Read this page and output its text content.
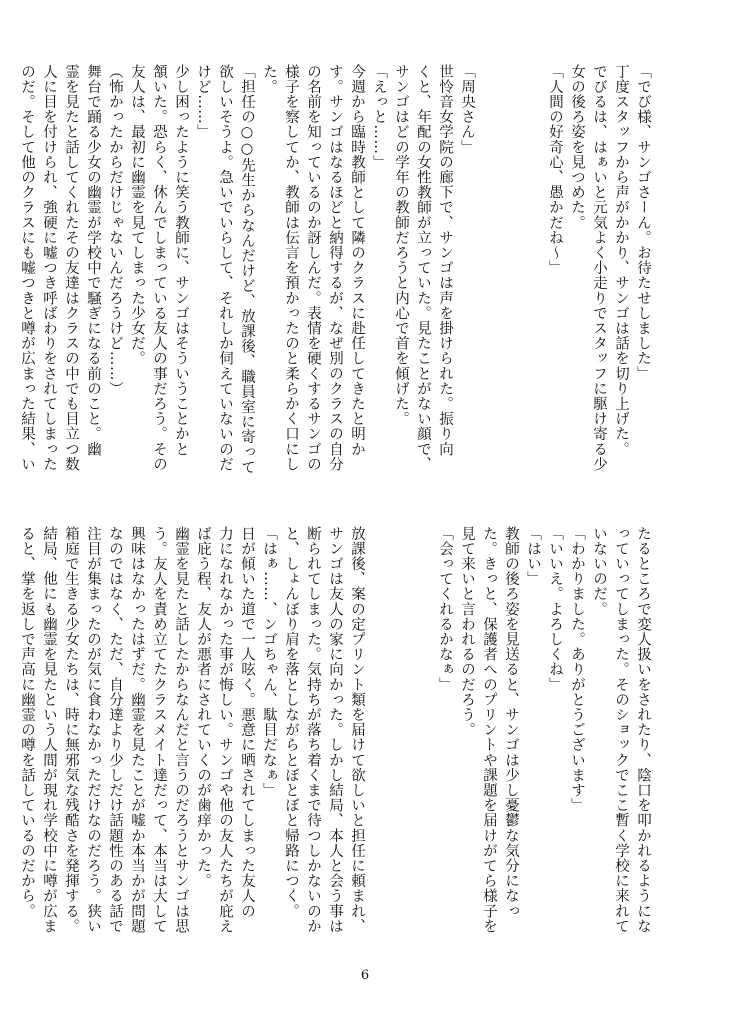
「でび様、サンゴさーん。お待たせしました」

丁度スタッフから声がかかり、サンゴは話を切り上げた。

でびるは、はぁいと元気よく小走りでスタッフに駆け寄る少

女の後ろ姿を見つめた。

「人間の好奇心、愚かだね～」

「周央さん」

世怜音女学院の廊下で、サンゴは声を掛けられた。振り向

くと、年配の女性教師が立っていた。見たことがない顔で、

サンゴはどの学年の教師だろうと内心で首を傾げた。

「えっと……」

今週から臨時教師として隣のクラスに赴任してきたと明か

す。サンゴはなるほどと納得するが、なぜ別のクラスの自分

の名前を知っているのか訝しんだ。表情を硬くするサンゴの

様子を察してか、教師は伝言を預かったのと柔らかく口にし

た。

「担任の○○先生からなんだけど、放課後、職員室に寄って

欲しいそうよ。急いでいらして、それしか伺えていないのだ

けど……」

少し困ったように笑う教師に、サンゴはそういうことかと

頷いた。恐らく、休んでしまっている友人の事だろう。その

友人は、最初に幽霊を見てしまった少女だ。

（怖かったからだけじゃないんだろうけど……）

舞台で踊る少女の幽霊が学校中で騒ぎになる前のこと。幽

霊を見たと話してくれたその友達はクラスの中でも目立つ数

人に目を付けられ、強硬に嘘つき呼ばわりをされてしまった

のだ。そして他のクラスにも嘘つきと噂が広まった結果、い

たるところで変人扱いをされたり、陰口を叩かれるようにな

っていってしまった。そのショックでここ暫く学校に来れて

いないのだ。

「わかりました。ありがとうございます」

「いいえ。よろしくね」

「はい」

教師の後ろ姿を見送ると、サンゴは少し憂鬱な気分になっ

た。きっと、保護者へのプリントや課題を届けがてら様子を

見て来いと言われるのだろう。

「会ってくれるかなぁ」

放課後、案の定プリント類を届けて欲しいと担任に頼まれ、

サンゴは友人の家に向かった。しかし結局、本人と会う事は

断られてしまった。気持ちが落ち着くまで待つしかないのか

と、しょんぼり肩を落としながらとぼとぼと帰路につく。

「はぁ……、ンゴちゃん、駄目だなぁ」

日が傾いた道で一人呟く。悪意に晒されてしまった友人の

力になれなかった事が悔しい。サンゴや他の友人たちが庇え

ば庇う程、友人が悪者にされていくのが歯痒かった。

幽霊を見たと話したからなんだと言うのだろうとサンゴは思

う。友人を責め立てたクラスメイト達だって、本当は大して

興味はなかったはずだ。幽霊を見たことが嘘か本当かが問題

なのではなく、ただ、自分達より少しだけ話題性のある話で

注目が集まったのが気に食わなかっただけなのだろう。狭い

箱庭で生きる少女たちは、時に無邪気な残酷さを発揮する。

結局、他にも幽霊を見たという人間が現れ学校中に噂が広ま

ると、掌を返しで声高に幽霊の噂を話しているのだから。

6
